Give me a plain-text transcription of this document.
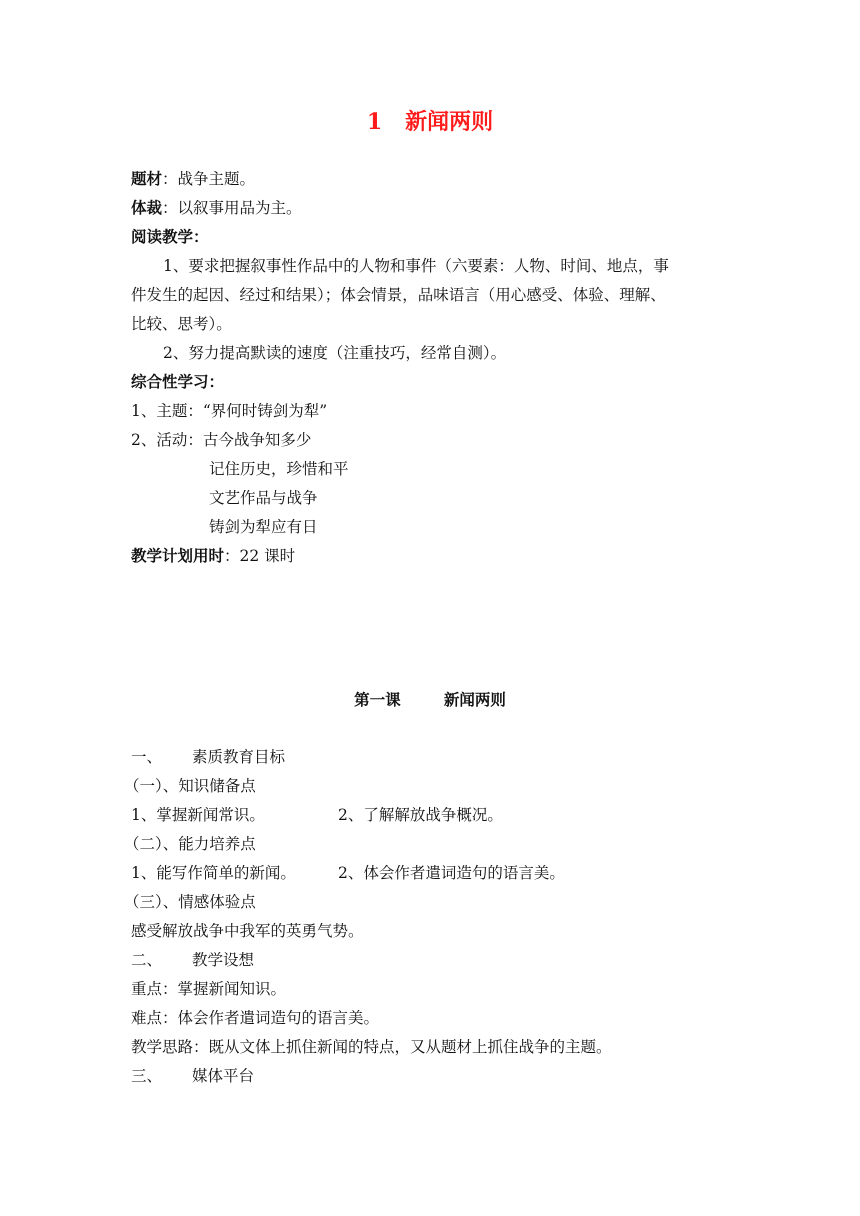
1 新闻两则
题材：战争主题。
体裁：以叙事用品为主。
阅读教学：
1、要求把握叙事性作品中的人物和事件（六要素：人物、时间、地点，事
件发生的起因、经过和结果）；体会情景，品味语言（用心感受、体验、理解、
比较、思考）。
2、努力提高默读的速度（注重技巧，经常自测）。
综合性学习：
1、主题：“界何时铸剑为犁”
2、活动：古今战争知多少
记住历史，珍惜和平
文艺作品与战争
铸剑为犁应有日
教学计划用时：22 课时
第一课	新闻两则
一、 素质教育目标
（一）、知识储备点
1、掌握新闻常识。	2、了解解放战争概况。
（二）、能力培养点
1、能写作简单的新闻。	2、体会作者遣词造句的语言美。
（三）、情感体验点
感受解放战争中我军的英勇气势。
二、 教学设想
重点：掌握新闻知识。
难点：体会作者遣词造句的语言美。
教学思路：既从文体上抓住新闻的特点，又从题材上抓住战争的主题。
三、 媒体平台
